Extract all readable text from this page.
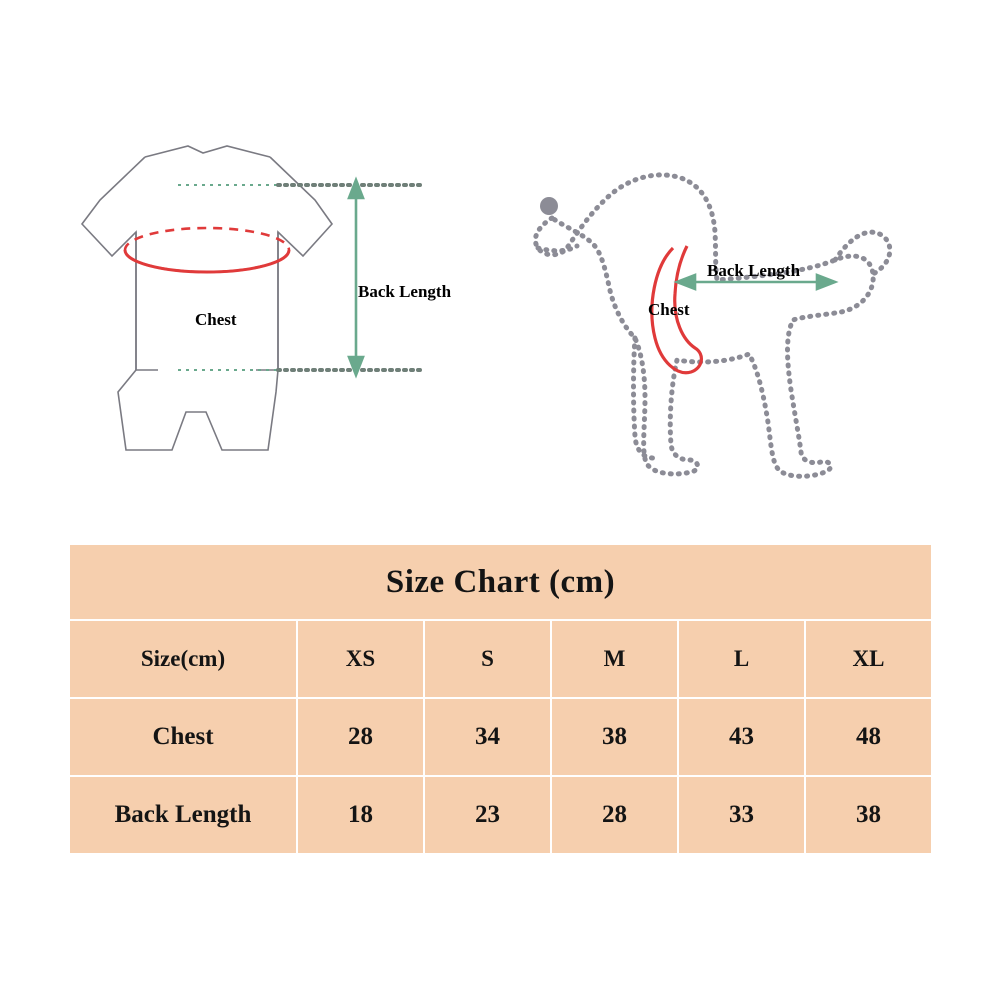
Chest
Back Length
Chest
Back Length
Size Chart (cm)					
Size(cm)	XS	S	M	L	XL
Chest	28	34	38	43	48
Back Length	18	23	28	33	38
